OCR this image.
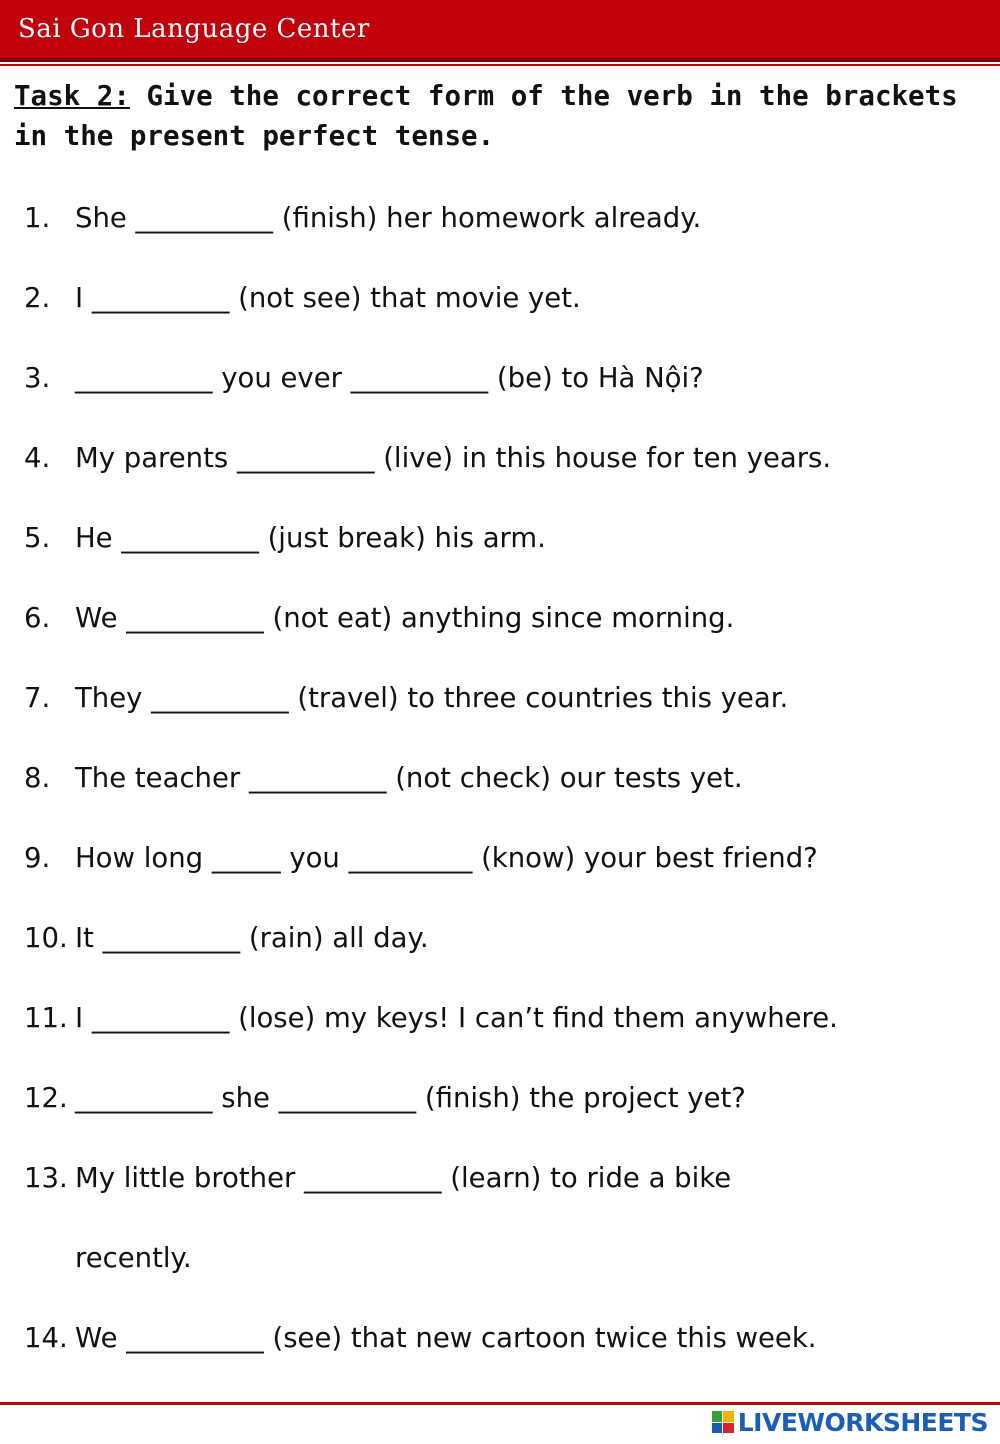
Sai Gon Language Center
Task 2: Give the correct form of the verb in the brackets in the present perfect tense.
1. She __________ (finish) her homework already.
2. I __________ (not see) that movie yet.
3. __________ you ever __________ (be) to Hà Nội?
4. My parents __________ (live) in this house for ten years.
5. He __________ (just break) his arm.
6. We __________ (not eat) anything since morning.
7. They __________ (travel) to three countries this year.
8. The teacher __________ (not check) our tests yet.
9. How long _____ you _________ (know) your best friend?
10. It __________ (rain) all day.
11. I __________ (lose) my keys! I can’t find them anywhere.
12. __________ she __________ (finish) the project yet?
13. My little brother __________ (learn) to ride a bike
recently.
14. We __________ (see) that new cartoon twice this week.
LIVEWORKSHEETS
